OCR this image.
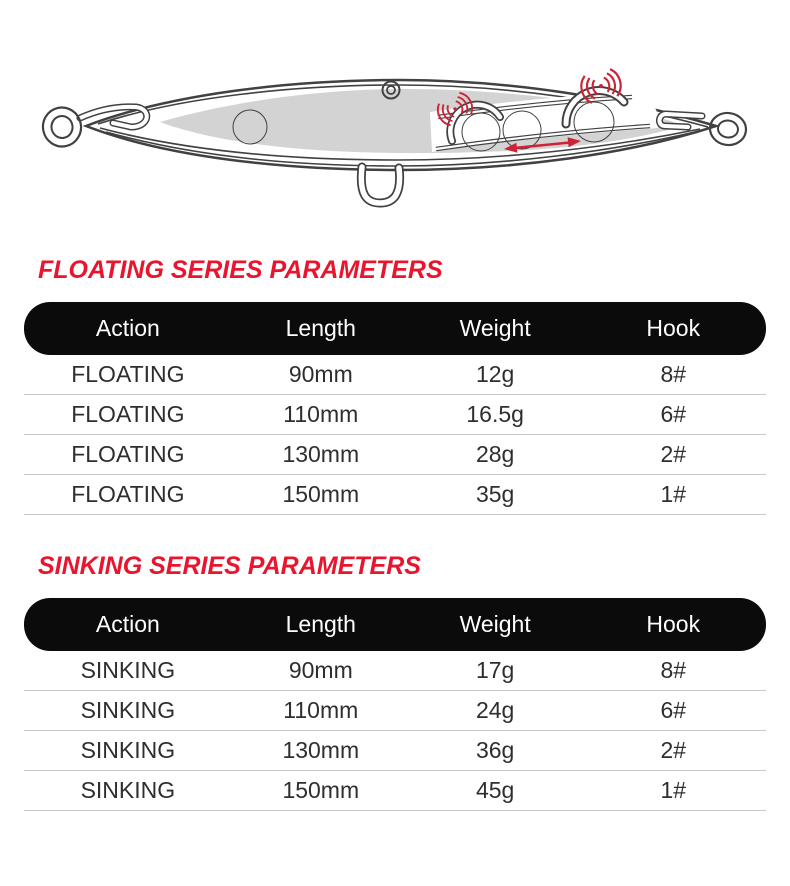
FLOATING SERIES PARAMETERS
Action	Length	Weight	Hook
FLOATING	90mm	12g	8#
FLOATING	110mm	16.5g	6#
FLOATING	130mm	28g	2#
FLOATING	150mm	35g	1#
SINKING SERIES PARAMETERS
Action	Length	Weight	Hook
SINKING	90mm	17g	8#
SINKING	110mm	24g	6#
SINKING	130mm	36g	2#
SINKING	150mm	45g	1#
